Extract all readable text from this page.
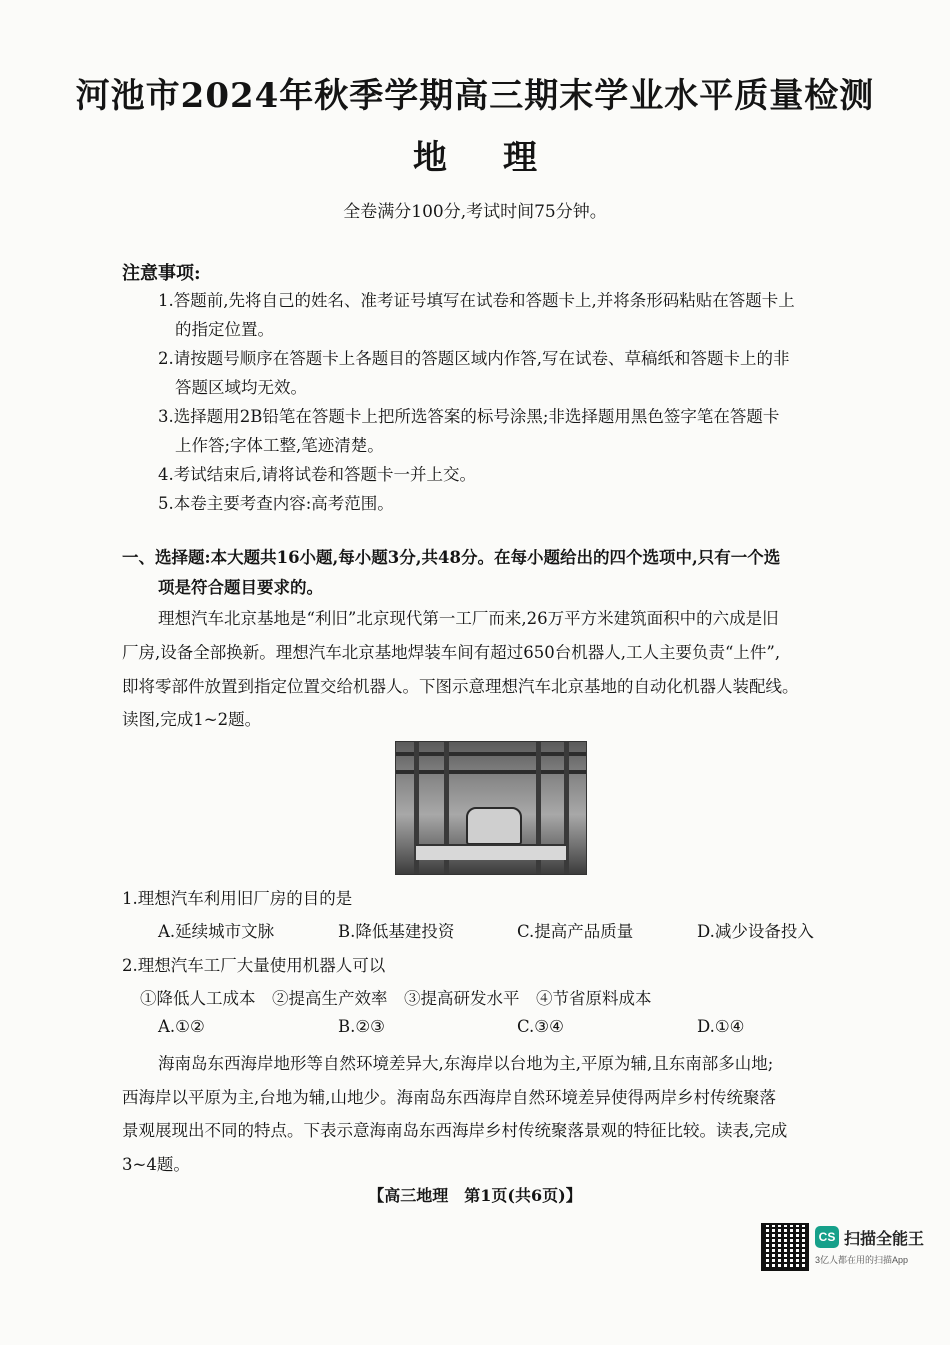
河池市2024年秋季学期高三期末学业水平质量检测
地理
全卷满分100分,考试时间75分钟。
注意事项:
1.答题前,先将自己的姓名、准考证号填写在试卷和答题卡上,并将条形码粘贴在答题卡上
的指定位置。
2.请按题号顺序在答题卡上各题目的答题区域内作答,写在试卷、草稿纸和答题卡上的非
答题区域均无效。
3.选择题用2B铅笔在答题卡上把所选答案的标号涂黑;非选择题用黑色签字笔在答题卡
上作答;字体工整,笔迹清楚。
4.考试结束后,请将试卷和答题卡一并上交。
5.本卷主要考查内容:高考范围。
一、选择题:本大题共16小题,每小题3分,共48分。在每小题给出的四个选项中,只有一个选
项是符合题目要求的。
理想汽车北京基地是“利旧”北京现代第一工厂而来,26万平方米建筑面积中的六成是旧
厂房,设备全部换新。理想汽车北京基地焊装车间有超过650台机器人,工人主要负责“上件”,
即将零部件放置到指定位置交给机器人。下图示意理想汽车北京基地的自动化机器人装配线。
读图,完成1~2题。
1.理想汽车利用旧厂房的目的是
A.延续城市文脉	B.降低基建投资	C.提高产品质量	D.减少设备投入
2.理想汽车工厂大量使用机器人可以
①降低人工成本　②提高生产效率　③提高研发水平　④节省原料成本
A.①②	B.②③	C.③④	D.①④
海南岛东西海岸地形等自然环境差异大,东海岸以台地为主,平原为辅,且东南部多山地;
西海岸以平原为主,台地为辅,山地少。海南岛东西海岸自然环境差异使得两岸乡村传统聚落
景观展现出不同的特点。下表示意海南岛东西海岸乡村传统聚落景观的特征比较。读表,完成
3~4题。
【高三地理　第1页(共6页)】
CS 扫描全能王
3亿人都在用的扫描App
